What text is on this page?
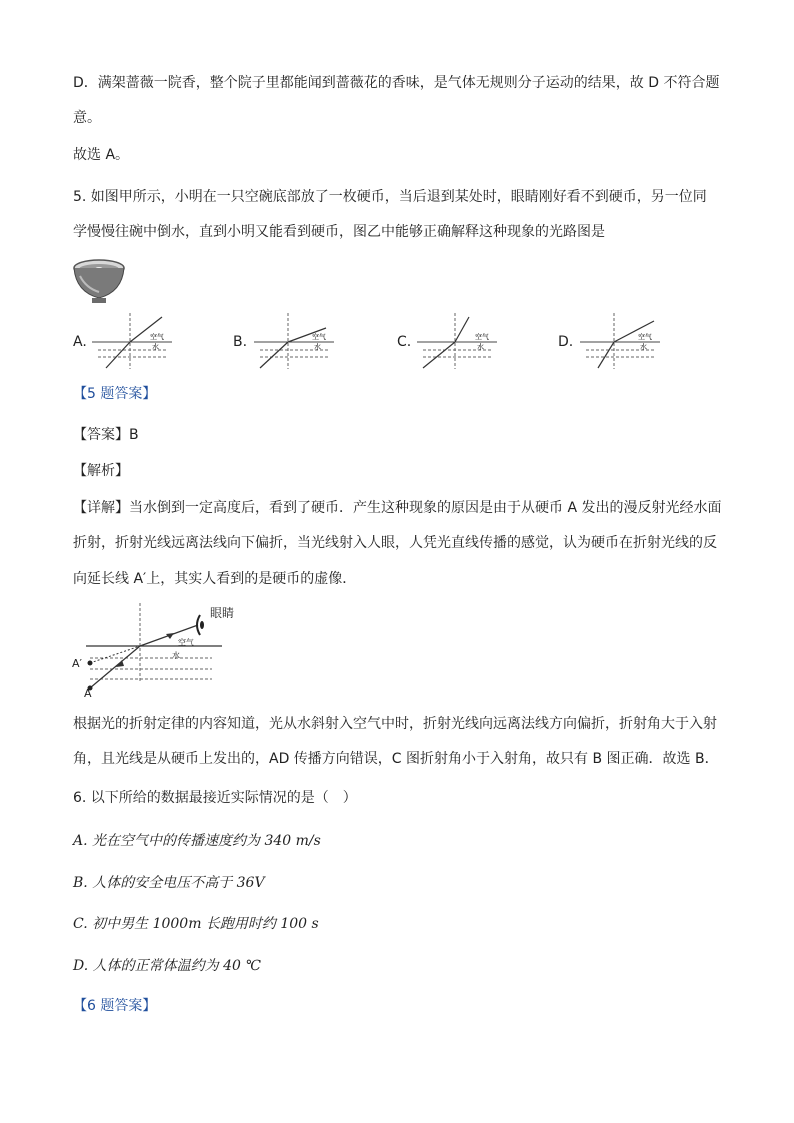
D．满架蔷薇一院香，整个院子里都能闻到蔷薇花的香味，是气体无规则分子运动的结果，故 D 不符合题
意。
故选 A。
5. 如图甲所示，小明在一只空碗底部放了一枚硬币，当后退到某处时，眼睛刚好看不到硬币，另一位同
学慢慢往碗中倒水，直到小明又能看到硬币，图乙中能够正确解释这种现象的光路图是
A.	B.	C.	D.
空气
水
空气
水
空气
水
空气
水
【5 题答案】
【答案】B
【解析】
【详解】当水倒到一定高度后，看到了硬币．产生这种现象的原因是由于从硬币 A 发出的漫反射光经水面
折射，折射光线远离法线向下偏折，当光线射入人眼，人凭光直线传播的感觉，认为硬币在折射光线的反
向延长线 A′上，其实人看到的是硬币的虚像．
眼睛
空气
水
A′
A
根据光的折射定律的内容知道，光从水斜射入空气中时，折射光线向远离法线方向偏折，折射角大于入射
角，且光线是从硬币上发出的，AD 传播方向错误，C 图折射角小于入射角，故只有 B 图正确．故选 B．
6. 以下所给的数据最接近实际情况的是（　）
A. 光在空气中的传播速度约为 340 m/s
B. 人体的安全电压不高于 36V
C. 初中男生 1000m 长跑用时约 100 s
D. 人体的正常体温约为 40 ℃
【6 题答案】
